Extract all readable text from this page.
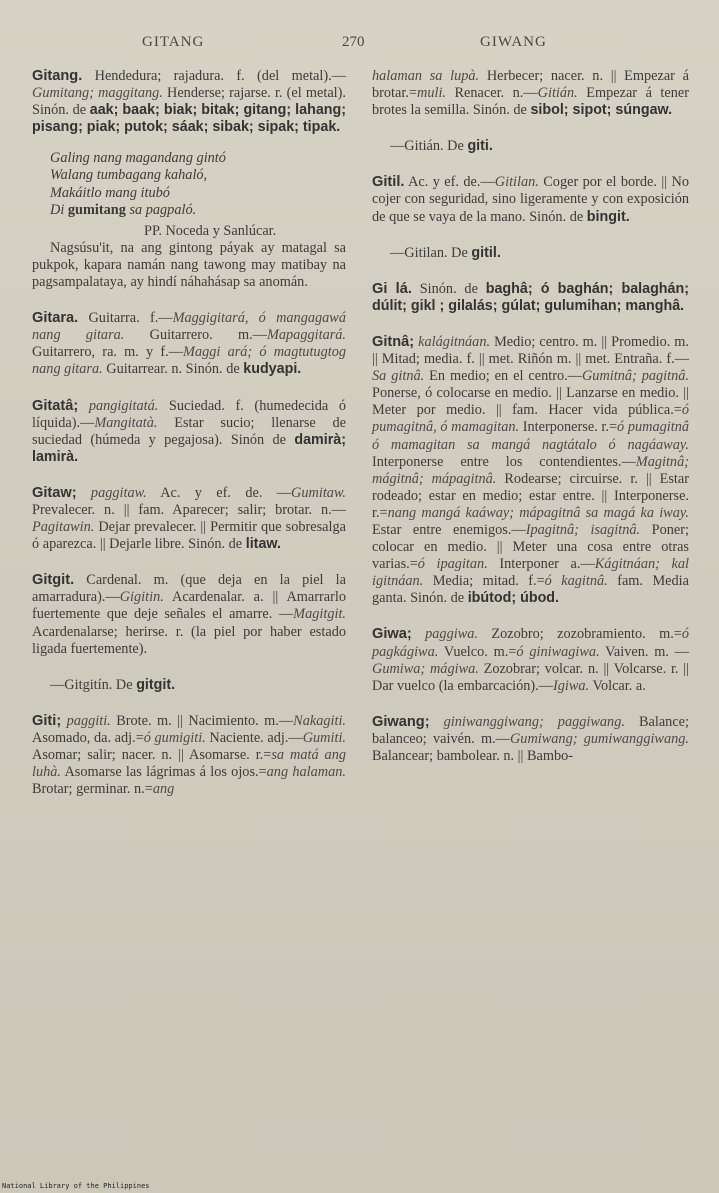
GITANG	270	GIWANG

Gitang. Hendedura; rajadura. f. (del metal).—Gumitang; maggitang. Henderse; rajarse. r. (el metal). Sinón. de aak; baak; biak; bitak; gitang; lahang; pisang; piak; putok; sáak; sibak; sipak; tipak.

Galing nang magandang gintó
Walang tumbagang kahaló,
Makáitlo mang itubó
Di gumitang sa pagpaló.
PP. Noceda y Sanlúcar.

Nagsúsu'it, na ang gintong páyak ay matagal sa pukpok, kapara namán nang tawong may matibay na pagsampalataya, ay hindí náhahásap sa anomán.

Gitara. Guitarra. f.—Maggigitará, ó mangagawá nang gitara. Guitarrero. m.—Mapaggitará. Guitarrero, ra. m. y f.—Maggi ará; ó magtutugtog nang gitara. Guitarrear. n. Sinón. de kudyapi.
Gitatâ; pangigitatá. Suciedad. f. (humedecida ó líquida).—Mangitatà. Estar sucio; llenarse de suciedad (húmeda y pegajosa). Sinón de damirà; lamirà.
Gitaw; paggitaw. Ac. y ef. de. —Gumitaw. Prevalecer. n. || fam. Aparecer; salir; brotar. n.—Pagitawin. Dejar prevalecer. || Permitir que sobresalga ó aparezca. || Dejarle libre. Sinón. de litaw.
Gitgit. Cardenal. m. (que deja en la piel la amarradura).—Gigitin. Acardenalar. a. || Amarrarlo fuertemente que deje señales el amarre. —Magitgit. Acardenalarse; herirse. r. (la piel por haber estado ligada fuertemente).
—Gitgitín. De gitgit.
Giti; paggiti. Brote. m. || Nacimiento. m.—Nakagiti. Asomado, da. adj.=ó gumigiti. Naciente. adj.—Gumiti. Asomar; salir; nacer. n. || Asomarse. r.=sa matá ang luhà. Asomarse las lágrimas á los ojos.=ang halaman. Brotar; germinar. n.=ang
halaman sa lupà. Herbecer; nacer. n. || Empezar á brotar.=muli. Renacer. n.—Gitián. Empezar á tener brotes la semilla. Sinón. de sibol; sipot; súngaw.
—Gitián. De giti.
Gitil. Ac. y ef. de.—Gitilan. Coger por el borde. || No cojer con seguridad, sino ligeramente y con exposición de que se vaya de la mano. Sinón. de bingit.
—Gitilan. De gitil.
Gi lá. Sinón. de baghâ; ó baghán; balaghán; dúlit; gikl ; gilalás; gúlat; gulumihan; manghâ.
Gitnâ; kalágitnáan. Medio; centro. m. || Promedio. m. || Mitad; media. f. || met. Riñón m. || met. Entraña. f.—Sa gitnâ. En medio; en el centro.—Gumitnâ; pagitnâ. Ponerse, ó colocarse en medio. || Lanzarse en medio. || Meter por medio. || fam. Hacer vida pública.=ó pumagitnâ, ó mamagitan. Interponerse. r.=ó pumagitnâ ó mamagitan sa mangá nagtátalo ó nagáaway. Interponerse entre los contendientes.—Magitnâ; mágitnâ; mápagitnâ. Rodearse; circuirse. r. || Estar rodeado; estar en medio; estar entre. || Interponerse. r.=nang mangá kaáway; mápagitnâ sa magá ka iway. Estar entre enemigos.—Ipagitnâ; isagitnâ. Poner; colocar en medio. || Meter una cosa entre otras varias.=ó ipagitan. Interponer a.—Kágitnáan; kal igitnáan. Media; mitad. f.=ó kagitnâ. fam. Media ganta. Sinón. de ibútod; úbod.
Giwa; paggiwa. Zozobro; zozobramiento. m.=ó pagkágiwa. Vuelco. m.=ó giniwagiwa. Vaiven. m. —Gumiwa; mágiwa. Zozobrar; volcar. n. || Volcarse. r. || Dar vuelco (la embarcación).—Igiwa. Volcar. a.
Giwang; giniwanggiwang; paggiwang. Balance; balanceo; vaivén. m.—Gumiwang; gumiwanggiwang. Balancear; bambolear. n. || Bambo-
National Library of the Philippines
